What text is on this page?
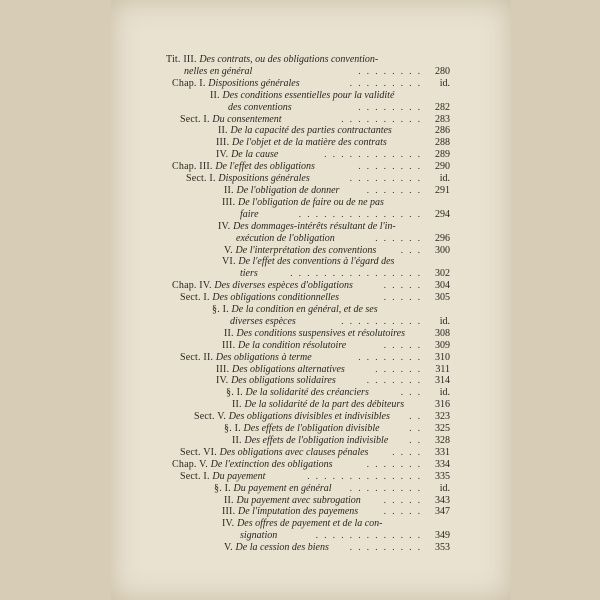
Tit. III. Des contrats, ou des obligations convention-
nelles en général	. . . . . . . . 280
Chap. I. Dispositions générales	. . . . . . . . . id.
II. Des conditions essentielles pour la validité
des conventions	. . . . . . . . 282
Sect. I. Du consentement	. . . . . . . . . . 283
II. De la capacité des parties contractantes	286
III. De l'objet et de la matière des contrats	288
IV. De la cause	. . . . . . . . . . . . 289
Chap. III. De l'effet des obligations	. . . . . . . . 290
Sect. I. Dispositions générales	. . . . . . . . . id.
II. De l'obligation de donner	. . . . . . . 291
III. De l'obligation de faire ou de ne pas
faire	. . . . . . . . . . . . . . . 294
IV. Des dommages-intérêts résultant de l'in-
exécution de l'obligation	. . . . . . 296
V. De l'interprétation des conventions	. . . 300
VI. De l'effet des conventions à l'égard des
tiers	. . . . . . . . . . . . . . . . 302
Chap. IV. Des diverses espèces d'obligations	. . . . . 304
Sect. I. Des obligations conditionnelles	. . . . . 305
§. I. De la condition en général, et de ses
diverses espèces	. . . . . . . . . . id.
II. Des conditions suspensives et résolutoires	308
III. De la condition résolutoire	. . . . . 309
Sect. II. Des obligations à terme	. . . . . . . . 310
III. Des obligations alternatives	. . . . . . 311
IV. Des obligations solidaires	. . . . . . . 314
§. I. De la solidarité des créanciers	. . . id.
II. De la solidarité de la part des débiteurs	316
Sect. V. Des obligations divisibles et indivisibles . . 323
§. I. Des effets de l'obligation divisible	. . 325
II. Des effets de l'obligation indivisible . . 328
Sect. VI. Des obligations avec clauses pénales	. . . . 331
Chap. V. De l'extinction des obligations	. . . . . . . 334
Sect. I. Du payement	. . . . . . . . . . . . . . 335
§. I. Du payement en général . . . . . . . . . id.
II. Du payement avec subrogation	. . . . . 343
III. De l'imputation des payemens	. . . . . 347
IV. Des offres de payement et de la con-
signation	. . . . . . . . . . . . . 349
V. De la cession des biens . . . . . . . . . 353
